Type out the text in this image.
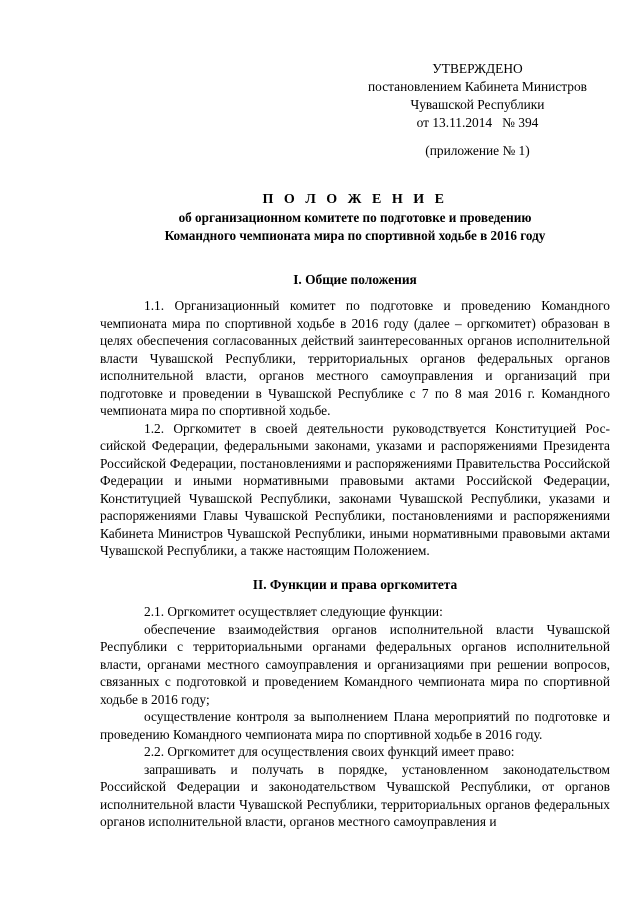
УТВЕРЖДЕНО
постановлением Кабинета Министров
Чувашской Республики
от 13.11.2014   № 394
(приложение № 1)
П О Л О Ж Е Н И Е
об организационном комитете по подготовке и проведению
Командного чемпионата мира по спортивной ходьбе в 2016 году
I. Общие положения

1.1. Организационный комитет по подготовке и проведению Командного чемпионата мира по спортивной ходьбе в 2016 году (далее – оргкомитет) образован в целях обеспечения согласованных действий заинтересованных органов исполнительной власти Чувашской Республики, территориальных органов федеральных органов исполнительной власти, органов местного самоуправления и организаций при подготовке и проведении в Чувашской Республике с 7 по 8 мая 2016 г. Командного чемпионата мира по спортивной ходьбе.

1.2. Оргкомитет в своей деятельности руководствуется Конституцией Российской Федерации, федеральными законами, указами и распоряжениями Президента Российской Федерации, постановлениями и распоряжениями Правительства Российской Федерации и иными нормативными правовыми актами Российской Федерации, Конституцией Чувашской Республики, законами Чувашской Республики, указами и распоряжениями Главы Чувашской Республики, постановлениями и распоряжениями Кабинета Министров Чувашской Республики, иными нормативными правовыми актами Чувашской Республики, а также настоящим Положением.

II. Функции и права оргкомитета

2.1. Оргкомитет осуществляет следующие функции:

обеспечение взаимодействия органов исполнительной власти Чувашской Республики с территориальными органами федеральных органов исполнительной власти, органами местного самоуправления и организациями при решении вопросов, связанных с подготовкой и проведением Командного чемпионата мира по спортивной ходьбе в 2016 году;

осуществление контроля за выполнением Плана мероприятий по подготовке и проведению Командного чемпионата мира по спортивной ходьбе в 2016 году.

2.2. Оргкомитет для осуществления своих функций имеет право:

запрашивать и получать в порядке, установленном законодательством Российской Федерации и законодательством Чувашской Республики, от органов исполнительной власти Чувашской Республики, территориальных органов федеральных органов исполнительной власти, органов местного самоуправления и
